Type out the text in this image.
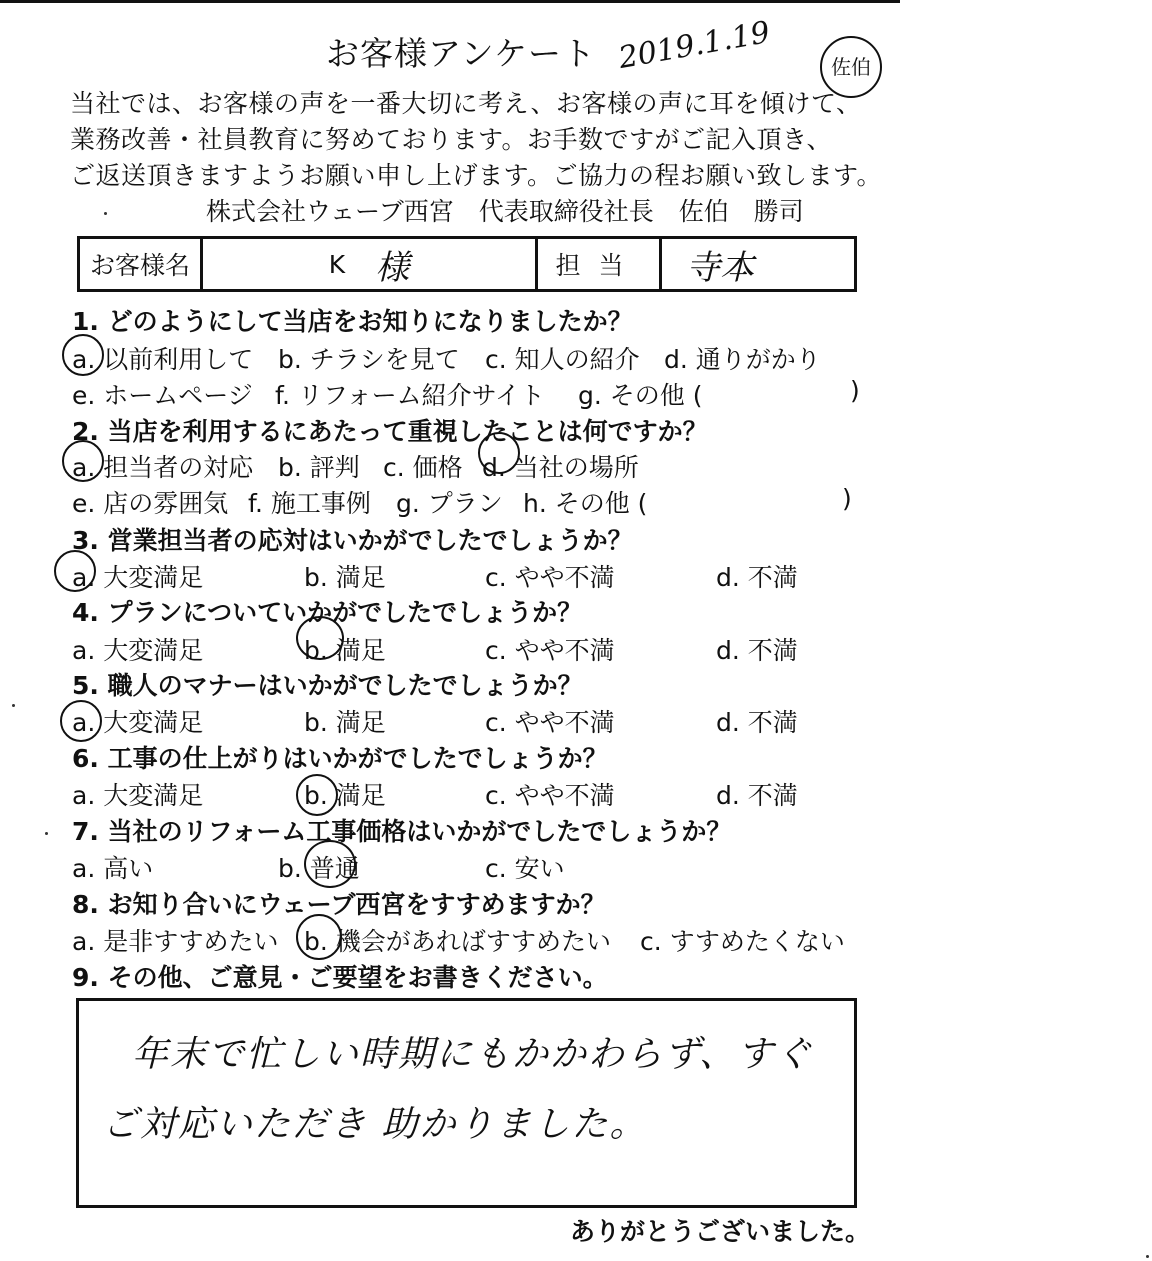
お客様アンケート 2019.1.19	佐伯
当社では、お客様の声を一番大切に考え、お客様の声に耳を傾けて、
業務改善・社員教育に努めております。お手数ですがご記入頂き、
ご返送頂きますようお願い申し上げます。ご協力の程お願い致します。
株式会社ウェーブ西宮　代表取締役社長　佐伯　勝司
お客様名	K 様	担当	寺本
1. どのようにして当店をお知りになりましたか？
a. 以前利用して b. チラシを見て c. 知人の紹介 d. 通りがかり
e. ホームページ f. リフォーム紹介サイト g. その他 (	)
2. 当店を利用するにあたって重視したことは何ですか？
a. 担当者の対応 b. 評判 c. 価格 d. 当社の場所
e. 店の雰囲気 f. 施工事例 g. プラン h. その他 (	)
3. 営業担当者の応対はいかがでしたでしょうか？
a. 大変満足	b. 満足	c. やや不満	d. 不満
4. プランについていかがでしたでしょうか？
a. 大変満足	b. 満足	c. やや不満	d. 不満
5. 職人のマナーはいかがでしたでしょうか？
a. 大変満足	b. 満足	c. やや不満	d. 不満
6. 工事の仕上がりはいかがでしたでしょうか？
a. 大変満足	b. 満足	c. やや不満	d. 不満
7. 当社のリフォーム工事価格はいかがでしたでしょうか？
a. 高い	b. 普通	c. 安い
8. お知り合いにウェーブ西宮をすすめますか？
a. 是非すすめたい b. 機会があればすすめたい c. すすめたくない
9. その他、ご意見・ご要望をお書きください。
年末で忙しい時期にもかかわらず、すぐ
ご対応いただき 助かりました。
ありがとうございました。
